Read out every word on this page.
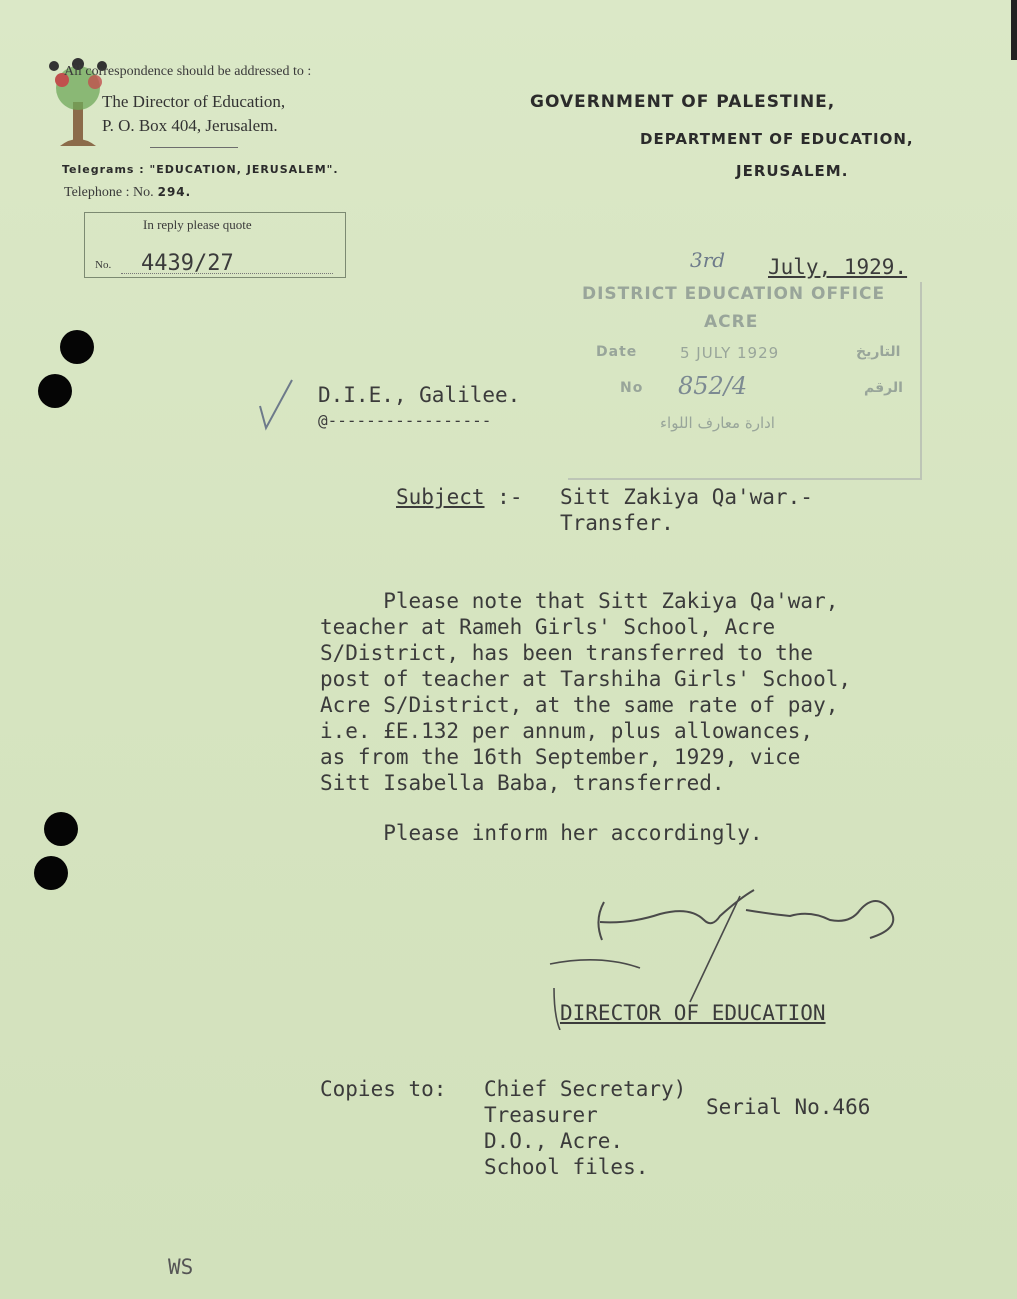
All correspondence should be addressed to :
The Director of Education,
P. O. Box 404, Jerusalem.
Telegrams : "EDUCATION, JERUSALEM".
Telephone : No. 294.
In reply please quote
No. 4439/27
GOVERNMENT OF PALESTINE,
DEPARTMENT OF EDUCATION,
JERUSALEM.
3rd July, 1929.
DISTRICT EDUCATION OFFICE
ACRE
Date	5 JULY 1929	التاريخ
No 852/4	الرقم
ادارة معارف اللواء
D.I.E., Galilee.
@-----------------
Subject :- Sitt Zakiya Qa'war.-
Transfer.
Please note that Sitt Zakiya Qa'war,
teacher at Rameh Girls' School, Acre
S/District, has been transferred to the
post of teacher at Tarshiha Girls' School,
Acre S/District, at the same rate of pay,
i.e. £E.132 per annum, plus allowances,
as from the 16th September, 1929, vice
Sitt Isabella Baba, transferred.
Please inform her accordingly.
DIRECTOR OF EDUCATION
Copies to: Chief Secretary)
Treasurer
D.O., Acre.
School files.
Serial No.466
WS
